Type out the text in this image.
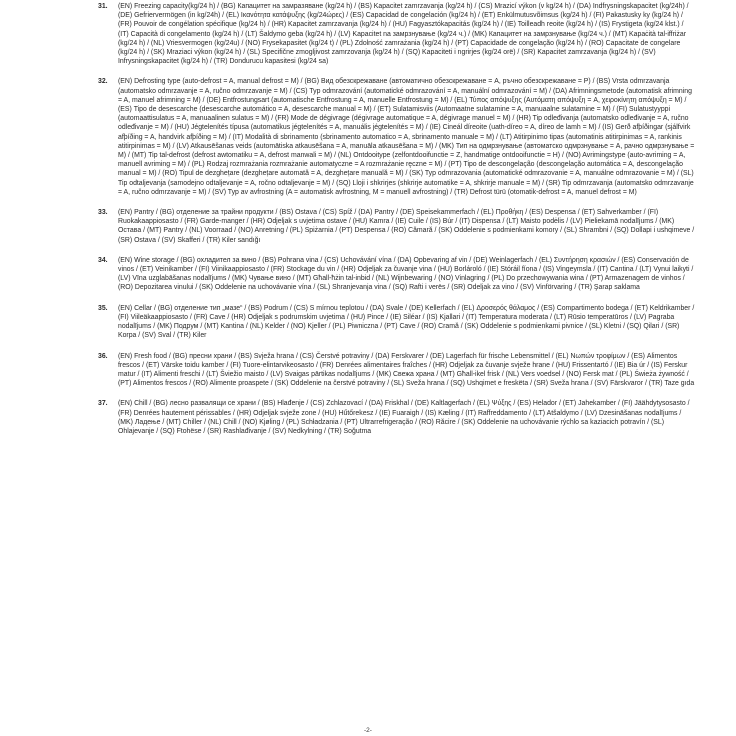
31. (EN) Freezing capacity(kg/24 h) / (BG) Капацитет на замразяване (kg/24 h) / (BS) Kapacitet zamrzavanja (kg/24 h) / (CS) Mrazicí výkon (v kg/24 h) / (DA) Indfrysningskapacitet (kg/24h) / (DE) Gefriervermögen (in kg/24h) / (EL) Ικανότητα κατάψυξης (kg/24ώρες) / (ES) Capacidad de congelación (kg/24 h) / (ET) Enkülmutusvõimsus (kg/24 h) / (FI) Pakastusky ky (kg/24 h) / (FR) Pouvoir de congélation spécifique (kg/24 h) / (HR) Kapacitet zamrzavanja (kg/24 h) / (HU) Fagyasztókapacitás (kg/24 h) / (IE) Toilleadh reoite (kg/24 h) / (IS) Frystigeta (kg/24 klst.) / (IT) Capacità di congelamento (kg/24 h) / (LT) Šaldymo geba (kg/24 h) / (LV) Kapacitet na замрзнување (kg/24 ч.) / (MK) Капацитет на замрзнување (kg/24 ч.) / (MT) Kapaċità tal-iffriżar (kg/24 h) / (NL) Vriesvermogen (kg/24u) / (NO) Frysekapasitet (kg/24 t) / (PL) Zdolność zamrażania (kg/24 h) / (PT) Capacidade de congelação (kg/24 h) / (RO) Capacitate de congelare (kg/24 h) / (SK) Mraziaci výkon (kg/24 h) / (SL) Specifične zmogljivost zamrzovanja (kg/24 h) / (SQ) Kapaciteti i ngrirjes (kg/24 orë) / (SR) Kapacitet zamrzavanja (kg/24 h) / (SV) Infrysningskapacitet (kg/24 h) / (TR) Dondurucu kapasitesi (kg/24 sa)
32. (EN) Defrosting type (auto-defrost = A, manual defrost = M) / (BG) Вид обезскрежаване (автоматично обезскрежаване = A, ръчно обезскрежаване = P) / (BS) Vrsta odmrzavanja (automatsko odmrzavanje = A, ručno odmrzavanje = M) / (CS) Typ odmrazování (automatické odmrazování = A, manuální odmrazování = M) / (DA) Afrimningsmetode (automatisk afrimning = A, manuel afrimning = M) / (DE) Entfrostungsart (automatische Entfrostung = A, manuelle Entfrostung = M) / (EL) Τύπος απόψυξης (Αυτόματη απόψυξη = A, χειροκίνητη απόψυξη = M) / (ES) Tipo de desescarche (desescarche automático = A, desescarche manual = M) / (ET) Sulatamisviis (Automaatne sulatamine = A, manuaalne sulatamine = M) / (FI) Sulatustyyppi (automaattisulatus = A, manuaalinen sulatus = M) / (FR) Mode de dégivrage (dégivrage automatique = A, dégivrage manuel = M) / (HR) Tip odleđivanja (automatsko odleđivanje = A, ručno odleđivanje = M) / (HU) Jégtelenítés típusa (automatikus jégtelenítés = A, manuális jégtelenítés = M) / (IE) Cineál díreoite (uath-díreo = A, díreo de lamh = M) / (IS) Gerð afþíðingar (sjálfvirk afþíðing = A, handvirk afþíðing = M) / (IT) Modalità di sbrinamento (sbrinamento automatico = A, sbrinamento manuale = M) / (LT) Atitirpinimo tipas (automatinis atitirpinimas = A, rankinis atitirpinimas = M) / (LV) Atkausēšanas veids (automātiska atkausēšana = A, manuāla atkausēšana = M) / (MK) Тип на одмрзнување (автоматско одмрзнување = A, рачно одмрзнување = M) / (MT) Tip tal-defrost (defrost awtomatiku = A, defrost manwali = M) / (NL) Ontdooitype (zelfontdooifunctie = Z, handmatige ontdooifunctie = H) / (NO) Avrimingstype (auto-avriming = A, manuell avriming = M) / (PL) Rodzaj rozmrażania rozmrażanie automatyczne = A rozmrażanie ręczne = M) / (PT) Tipo de descongelação (descongelação automática = A, descongelação manual = M) / (RO) Tipul de dezghețare (dezghețare automată = A, dezghețare manuală = M) / (SK) Typ odmrazovania (automatické odmrazovanie = A, manuálne odmrazovanie = M) / (SL) Tip odtaljevanja (samodejno odtaljevanje = A, ročno odtaljevanje = M) / (SQ) Lloji i shkrirjes (shkrirje automatike = A, shkrirje manuale = M) / (SR) Tip odmrzavanja (automatsko odmrzavanje = A, ručno odmrzavanje = M) / (SV) Typ av avfrostning (A = automatisk avfrostning, M = manuell avfrostning) / (TR) Defrost türü (otomatik-defrost = A, manuel defrost = M)
33. (EN) Pantry / (BG) отделение за трайни продукти / (BS) Ostava / (CS) Spíž / (DA) Pantry / (DE) Speisekammerfach / (EL) Προθήκη / (ES) Despensa / (ET) Sahverkamber / (FI) Ruokakaappiosasto / (FR) Garde-manger / (HR) Odjeljak s uvjetima ostave / (HU) Kamra / (IE) Cuile / (IS) Búr / (IT) Dispensa / (LT) Maisto podėlis / (LV) Pieliekamā nodalījums / (MK) Оставa / (MT) Pantry / (NL) Voorraad / (NO) Anretning / (PL) Spiżarnia / (PT) Despensa / (RO) Cămară / (SK) Oddelenie s podmienkami komory / (SL) Shrambni / (SQ) Dollapi i ushqimeve / (SR) Ostava / (SV) Skafferi / (TR) Kiler sandığı
34. (EN) Wine storage / (BG) охладител за вино / (BS) Pohrana vina / (CS) Uchovávání vína / (DA) Opbevaring af vin / (DE) Weinlagerfach / (EL) Συντήρηση κρασιών / (ES) Conservación de vinos / (ET) Veinikamber / (FI) Viinikaappiosasto / (FR) Stockage du vin / (HR) Odjeljak za čuvanje vina / (HU) Borlároló / (IE) Stóráil fíona / (IS) Vingeymsla / (IT) Cantina / (LT) Vynui laikyti / (LV) Vīna uzglabāšanas nodalījums / (MK) Чување вино / (MT) Għall-ħżin tal-inbid / (NL) Wijnbewaring / (NO) Vinlagring / (PL) Do przechowywania wina / (PT) Armazenagem de vinhos / (RO) Depozitarea vinului / (SK) Oddelenie na uchovávanie vína / (SL) Shranjevanja vina / (SQ) Rafti i verës / (SR) Odeljak za vino / (SV) Vinförvaring / (TR) Şarap saklama
35. (EN) Cellar / (BG) отделение тип „мазе“ / (BS) Podrum / (CS) S mírnou teplotou / (DA) Svale / (DE) Kellerfach / (EL) Δροσερός θάλαμος / (ES) Compartimento bodega / (ET) Keldrikamber / (FI) Viileäkaappiosasto / (FR) Cave / (HR) Odjeljak s podrumskim uvjetima / (HU) Pince / (IE) Siléar / (IS) Kjallari / (IT) Temperatura moderata / (LT) Rūsio temperatūros / (LV) Pagraba nodalījums / (MK) Подрум / (MT) Kantina / (NL) Kelder / (NO) Kjeller / (PL) Piwniczna / (PT) Cave / (RO) Cramă / (SK) Oddelenie s podmienkami pivnice / (SL) Kletni / (SQ) Qilari / (SR) Korpa / (SV) Sval / (TR) Kiler
36. (EN) Fresh food / (BG) пресни храни / (BS) Svježa hrana / (CS) Čerstvé potraviny / (DA) Ferskvarer / (DE) Lagerfach für frische Lebensmittel / (EL) Νωπών τροφίμων / (ES) Alimentos frescos / (ET) Värske toidu kamber / (FI) Tuore-elintarvikeosasto / (FR) Denrées alimentaires fraîches / (HR) Odjeljak za čuvanje svježe hrane / (HU) Frissentartó / (IE) Bia úr / (IS) Ferskur matur / (IT) Alimenti freschi / (LT) Šviežio maisto / (LV) Svaigas pārtikas nodalījums / (MK) Свежа храна / (MT) Għall-ikel frisk / (NL) Vers voedsel / (NO) Fersk mat / (PL) Świeża żywność / (PT) Alimentos frescos / (RO) Alimente proaspete / (SK) Oddelenie na čerstvé potraviny / (SL) Sveža hrana / (SQ) Ushqimet e freskëta / (SR) Sveža hrana / (SV) Färskvaror / (TR) Taze gıda
37. (EN) Chill / (BG) лесно развалящи се храни / (BS) Hlađenje / (CS) Zchlazovací / (DA) Friskhal / (DE) Kaltlagerfach / (EL) Ψύξης / (ES) Helador / (ET) Jahekamber / (FI) Jäähdytysosasto / (FR) Denrées hautement périssables / (HR) Odjeljak svježe zone / (HU) Hűtőrekesz / (IE) Fuaraigh / (IS) Kæling / (IT) Raffreddamento / (LT) Atšaldymo / (LV) Dzesināšanas nodalījums / (MK) Ладење / (MT) Chiller / (NL) Chill / (NO) Kjøling / (PL) Schładzania / (PT) Ultrarrefrigeração / (RO) Răcire / (SK) Oddelenie na uchovávanie rýchlo sa kaziacich potravín / (SL) Ohlajevanje / (SQ) Ftohëse / (SR) Rashlađivanje / (SV) Nedkylning / (TR) Soğutma
-2-
